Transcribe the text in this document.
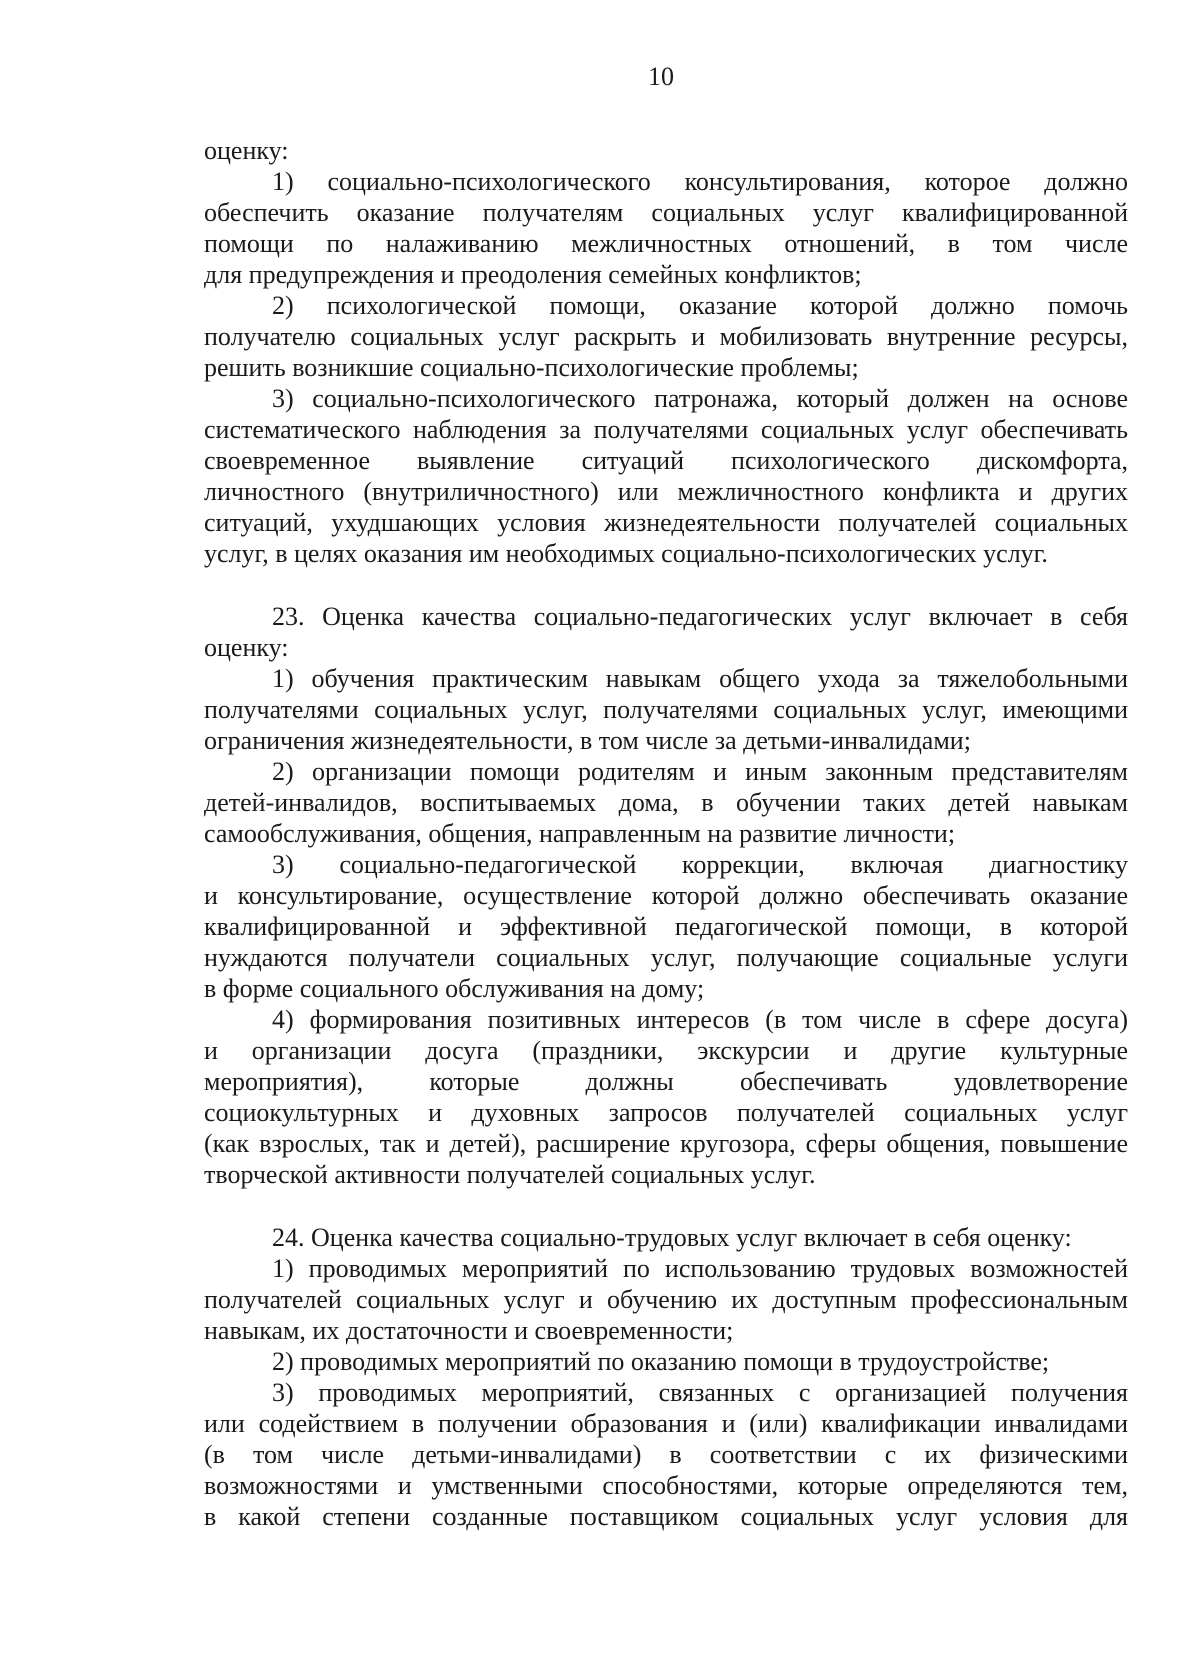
10
оценку:
1) социально-психологического консультирования, которое должно
обеспечить оказание получателям социальных услуг квалифицированной
помощи по налаживанию межличностных отношений, в том числе
для предупреждения и преодоления семейных конфликтов;
2) психологической помощи, оказание которой должно помочь
получателю социальных услуг раскрыть и мобилизовать внутренние ресурсы,
решить возникшие социально-психологические проблемы;
3) социально-психологического патронажа, который должен на основе
систематического наблюдения за получателями социальных услуг обеспечивать
своевременное выявление ситуаций психологического дискомфорта,
личностного (внутриличностного) или межличностного конфликта и других
ситуаций, ухудшающих условия жизнедеятельности получателей социальных
услуг, в целях оказания им необходимых социально-психологических услуг.
23. Оценка качества социально-педагогических услуг включает в себя
оценку:
1) обучения практическим навыкам общего ухода за тяжелобольными
получателями социальных услуг, получателями социальных услуг, имеющими
ограничения жизнедеятельности, в том числе за детьми-инвалидами;
2) организации помощи родителям и иным законным представителям
детей-инвалидов, воспитываемых дома, в обучении таких детей навыкам
самообслуживания, общения, направленным на развитие личности;
3) социально-педагогической коррекции, включая диагностику
и консультирование, осуществление которой должно обеспечивать оказание
квалифицированной и эффективной педагогической помощи, в которой
нуждаются получатели социальных услуг, получающие социальные услуги
в форме социального обслуживания на дому;
4) формирования позитивных интересов (в том числе в сфере досуга)
и организации досуга (праздники, экскурсии и другие культурные
мероприятия), которые должны обеспечивать удовлетворение
социокультурных и духовных запросов получателей социальных услуг
(как взрослых, так и детей), расширение кругозора, сферы общения, повышение
творческой активности получателей социальных услуг.
24. Оценка качества социально-трудовых услуг включает в себя оценку:
1) проводимых мероприятий по использованию трудовых возможностей
получателей социальных услуг и обучению их доступным профессиональным
навыкам, их достаточности и своевременности;
2) проводимых мероприятий по оказанию помощи в трудоустройстве;
3) проводимых мероприятий, связанных с организацией получения
или содействием в получении образования и (или) квалификации инвалидами
(в том числе детьми-инвалидами) в соответствии с их физическими
возможностями и умственными способностями, которые определяются тем,
в какой степени созданные поставщиком социальных услуг условия для
